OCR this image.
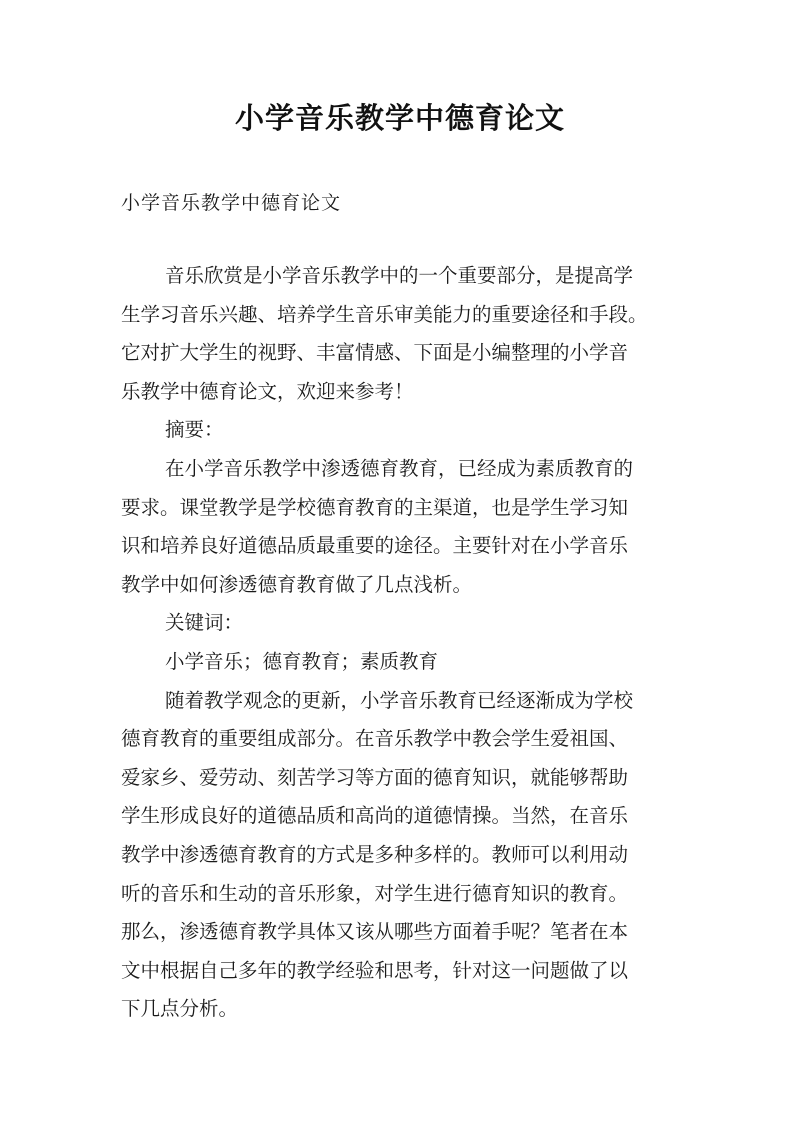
小学音乐教学中德育论文
小学音乐教学中德育论文
音乐欣赏是小学音乐教学中的一个重要部分，是提高学
生学习音乐兴趣、培养学生音乐审美能力的重要途径和手段。
它对扩大学生的视野、丰富情感、下面是小编整理的小学音
乐教学中德育论文，欢迎来参考！
摘要：
在小学音乐教学中渗透德育教育，已经成为素质教育的
要求。课堂教学是学校德育教育的主渠道，也是学生学习知
识和培养良好道德品质最重要的途径。主要针对在小学音乐
教学中如何渗透德育教育做了几点浅析。
关键词：
小学音乐；德育教育；素质教育
随着教学观念的更新，小学音乐教育已经逐渐成为学校
德育教育的重要组成部分。在音乐教学中教会学生爱祖国、
爱家乡、爱劳动、刻苦学习等方面的德育知识，就能够帮助
学生形成良好的道德品质和高尚的道德情操。当然，在音乐
教学中渗透德育教育的方式是多种多样的。教师可以利用动
听的音乐和生动的音乐形象，对学生进行德育知识的教育。
那么，渗透德育教学具体又该从哪些方面着手呢？笔者在本
文中根据自己多年的教学经验和思考，针对这一问题做了以
下几点分析。
